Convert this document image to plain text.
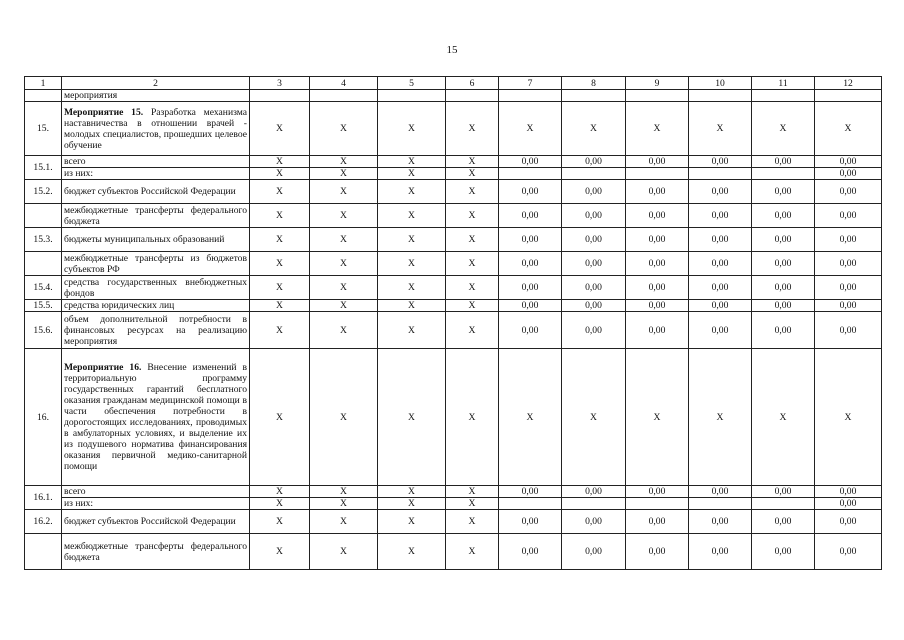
15
1	2	3	4	5	6	7	8	9	10	11	12
	мероприятия										
15.	Мероприятие 15. Разработка механизма наставничества в отношении врачей - молодых специалистов, прошедших целевое обучение	X	X	X	X	X	X	X	X	X	X
15.1.	всего	X	X	X	X	0,00	0,00	0,00	0,00	0,00	0,00
	из них:	X	X	X	X						0,00
15.2.	бюджет субъектов Российской Федерации	X	X	X	X	0,00	0,00	0,00	0,00	0,00	0,00
	межбюджетные трансферты федерального бюджета	X	X	X	X	0,00	0,00	0,00	0,00	0,00	0,00
15.3.	бюджеты муниципальных образований	X	X	X	X	0,00	0,00	0,00	0,00	0,00	0,00
	межбюджетные трансферты из бюджетов субъектов РФ	X	X	X	X	0,00	0,00	0,00	0,00	0,00	0,00
15.4.	средства государственных внебюджетных фондов	X	X	X	X	0,00	0,00	0,00	0,00	0,00	0,00
15.5.	средства юридических лиц	X	X	X	X	0,00	0,00	0,00	0,00	0,00	0,00
15.6.	объем дополнительной потребности в финансовых ресурсах на реализацию мероприятия	X	X	X	X	0,00	0,00	0,00	0,00	0,00	0,00
16.	Мероприятие 16. Внесение изменений в территориальную программу государственных гарантий бесплатного оказания гражданам медицинской помощи в части обеспечения потребности в дорогостоящих исследованиях, проводимых в амбулаторных условиях, и выделение их из подушевого норматива финансирования оказания первичной медико-санитарной помощи	X	X	X	X	X	X	X	X	X	X
16.1.	всего	X	X	X	X	0,00	0,00	0,00	0,00	0,00	0,00
	из них:	X	X	X	X						0,00
16.2.	бюджет субъектов Российской Федерации	X	X	X	X	0,00	0,00	0,00	0,00	0,00	0,00
	межбюджетные трансферты федерального бюджета	X	X	X	X	0,00	0,00	0,00	0,00	0,00	0,00
